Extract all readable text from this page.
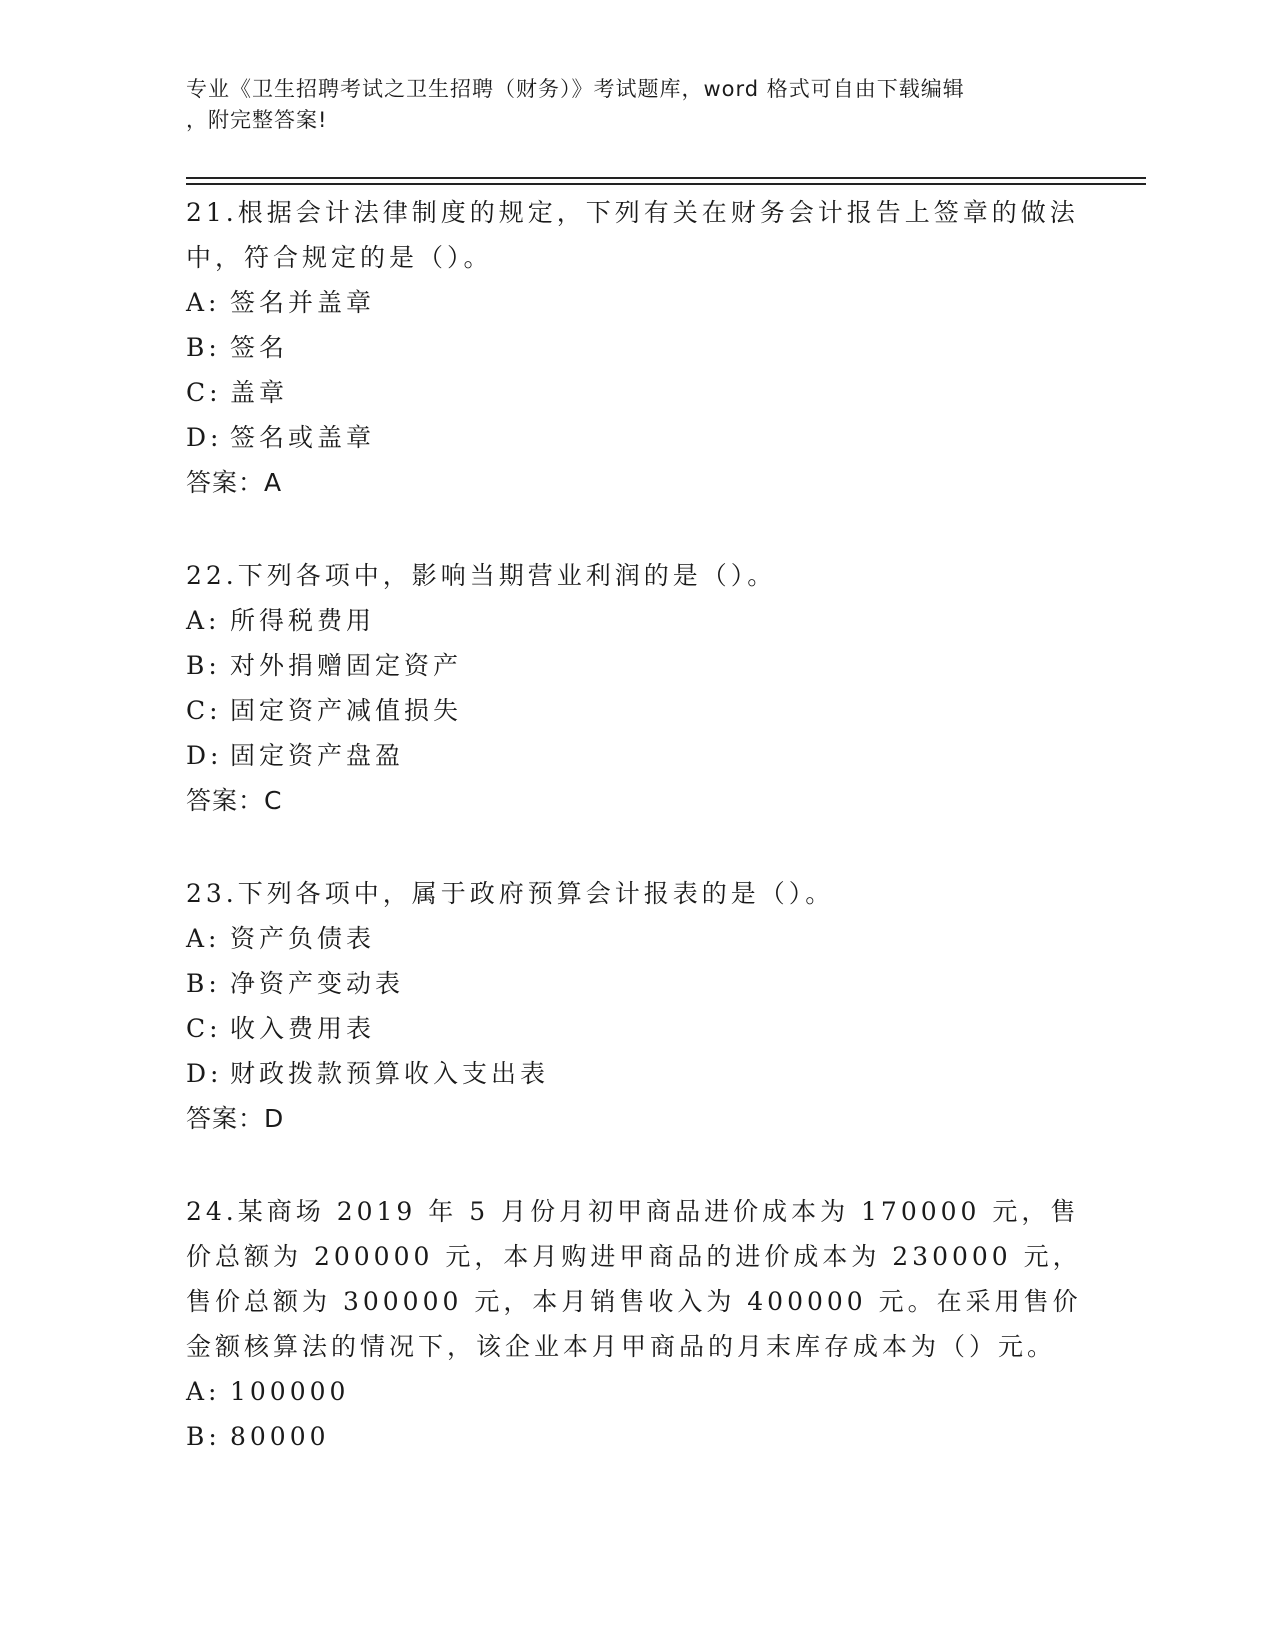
专业《卫生招聘考试之卫生招聘（财务）》考试题库，word 格式可自由下载编辑
，附完整答案!

21.根据会计法律制度的规定，下列有关在财务会计报告上签章的做法中，符合规定的是（）。

A: 签名并盖章
B: 签名
C: 盖章
D: 签名或盖章
答案：A

22.下列各项中，影响当期营业利润的是（）。

A: 所得税费用
B: 对外捐赠固定资产
C: 固定资产减值损失
D: 固定资产盘盈
答案：C

23.下列各项中，属于政府预算会计报表的是（）。

A: 资产负债表
B: 净资产变动表
C: 收入费用表
D: 财政拨款预算收入支出表
答案：D

24.某商场 2019 年 5 月份月初甲商品进价成本为 170000 元，售价总额为 200000 元，本月购进甲商品的进价成本为 230000 元，售价总额为 300000 元，本月销售收入为 400000 元。在采用售价金额核算法的情况下，该企业本月甲商品的月末库存成本为（）元。

A: 100000
B: 80000
